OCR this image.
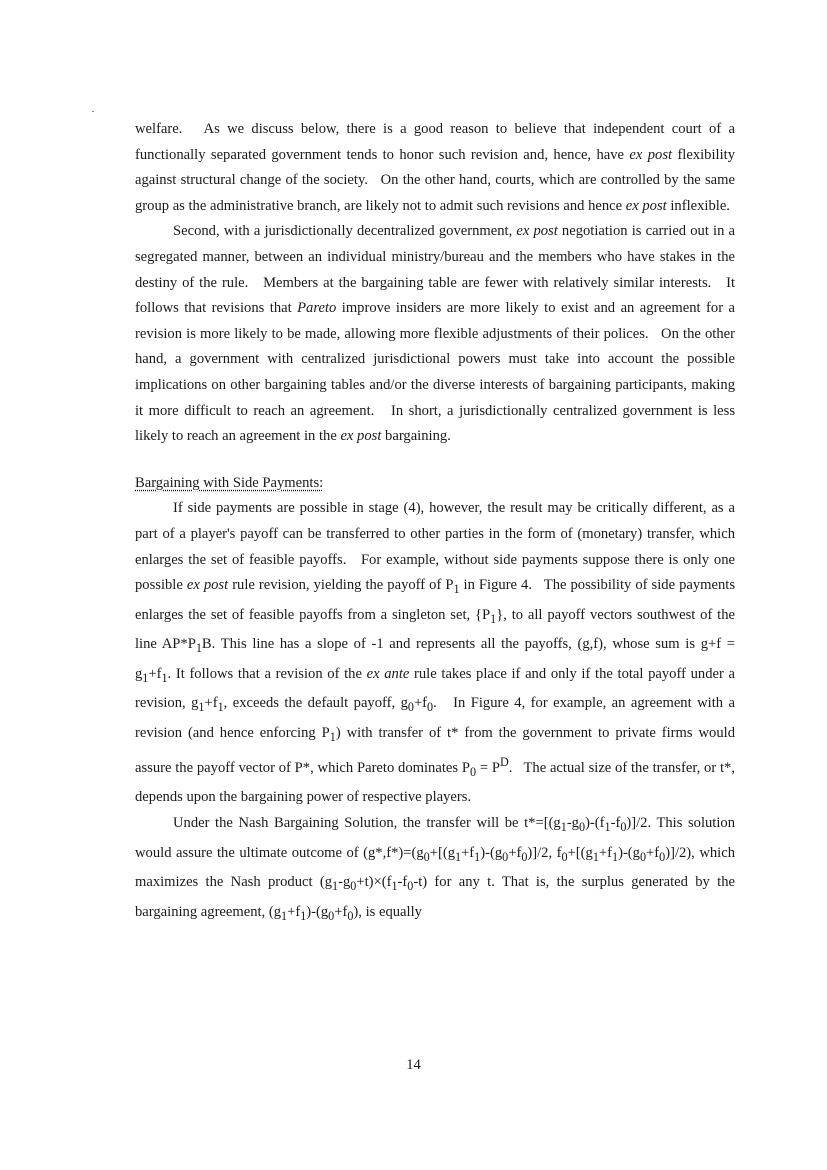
welfare.   As we discuss below, there is a good reason to believe that independent court of a functionally separated government tends to honor such revision and, hence, have ex post flexibility against structural change of the society.   On the other hand, courts, which are controlled by the same group as the administrative branch, are likely not to admit such revisions and hence ex post inflexible.

Second, with a jurisdictionally decentralized government, ex post negotiation is carried out in a segregated manner, between an individual ministry/bureau and the members who have stakes in the destiny of the rule.   Members at the bargaining table are fewer with relatively similar interests.   It follows that revisions that Pareto improve insiders are more likely to exist and an agreement for a revision is more likely to be made, allowing more flexible adjustments of their polices.   On the other hand, a government with centralized jurisdictional powers must take into account the possible implications on other bargaining tables and/or the diverse interests of bargaining participants, making it more difficult to reach an agreement.   In short, a jurisdictionally centralized government is less likely to reach an agreement in the ex post bargaining.

Bargaining with Side Payments:

If side payments are possible in stage (4), however, the result may be critically different, as a part of a player's payoff can be transferred to other parties in the form of (monetary) transfer, which enlarges the set of feasible payoffs.   For example, without side payments suppose there is only one possible ex post rule revision, yielding the payoff of $P_1$ in Figure 4.   The possibility of side payments enlarges the set of feasible payoffs from a singleton set, $\{P_1\}$, to all payoff vectors southwest of the line $AP*P_1B$. This line has a slope of -1 and represents all the payoffs, (g,f), whose sum is $g+f = g_1+f_1$. It follows that a revision of the ex ante rule takes place if and only if the total payoff under a revision, $g_1+f_1$, exceeds the default payoff, $g_0+f_0$.   In Figure 4, for example, an agreement with a revision (and hence enforcing $P_1$) with transfer of t* from the government to private firms would assure the payoff vector of P*, which Pareto dominates $P_0 = P^D$.   The actual size of the transfer, or t*, depends upon the bargaining power of respective players.

Under the Nash Bargaining Solution, the transfer will be $t*=[(g_1-g_0)-(f_1-f_0)]/2$. This solution would assure the ultimate outcome of $(g*,f*)=(g_0+[(g_1+f_1)-(g_0+f_0)]/2$, $f_0+[(g_1+f_1)-(g_0+f_0)]/2$), which maximizes the Nash product $(g_1-g_0+t)\times(f_1-f_0-t)$ for any t. That is, the surplus generated by the bargaining agreement, $(g_1+f_1)-(g_0+f_0)$, is equally

14
